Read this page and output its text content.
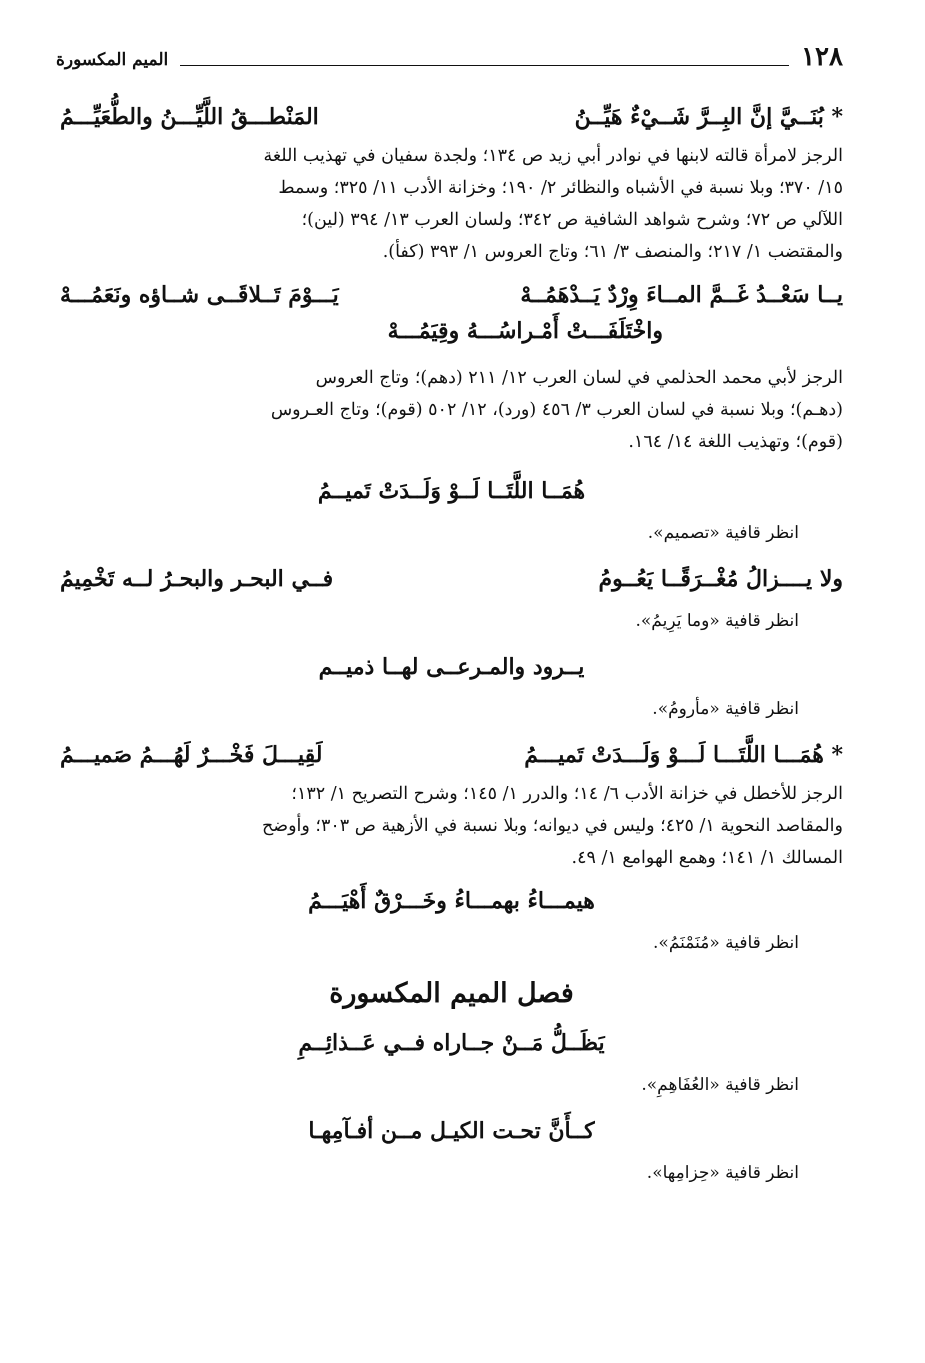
١٢٨
الميم المكسورة
* بُنَــيَّ إنَّ البِــرَّ شَــيْءٌ هَيِّــنُ
المَنْطـــقُ اللَّيِّـــنُ والطُّعَيِّـــمُ
الرجز لامرأة قالته لابنها في نوادر أبي زيد ص ١٣٤؛ ولجدة سفيان في تهذيب اللغة
١٥/ ٣٧٠؛ وبلا نسبة في الأشباه والنظائر ٢/ ١٩٠؛ وخزانة الأدب ١١/ ٣٢٥؛ وسمط
اللآلي ص ٧٢؛ وشرح شواهد الشافية ص ٣٤٢؛ ولسان العرب ١٣/ ٣٩٤ (لين)؛
والمقتضب ١/ ٢١٧؛ والمنصف ٣/ ٦١؛ وتاج العروس ١/ ٣٩٣ (كفأ).
يــا سَعْــدُ غَــمَّ المــاءَ وِرْدٌ يَــدْهَمُــهْ
يَـــوْمَ تَــلاقَــى شــاؤه ونَعَمُـــهْ
واخْتَلَفَـــتْ أَمْـراسُـــهُ وقِيَمُـــهْ
الرجز لأبي محمد الحذلمي في لسان العرب ١٢/ ٢١١ (دهم)؛ وتاج العروس
(دهـم)؛ وبلا نسبة في لسان العرب ٣/ ٤٥٦ (ورد)، ١٢/ ٥٠٢ (قوم)؛ وتاج العـروس
(قوم)؛ وتهذيب اللغة ١٤/ ١٦٤.
هُمَــا اللَّتَــا لَــوْ وَلَــدَتْ تَميــمُ
انظر قافية «تصميم».
ولا يــــزالُ مُغْــرَقًــا يَعُــومُ
فــي البحـر والبحـرُ لــه تَخْمِيمُ
انظر قافية «وما يَرِيمُ».
يــرود والمـرعــى لهــا ذميــم
انظر قافية «مأرومُ».
* هُمَـــا اللَّتَـــا لَـــوْ وَلَـــدَتْ تَميـــمُ
لَقِيـــلَ فَخْـــرٌ لَهُـــمُ صَميـــمُ
الرجز للأخطل في خزانة الأدب ٦/ ١٤؛ والدرر ١/ ١٤٥؛ وشرح التصريح ١/ ١٣٢؛
والمقاصد النحوية ١/ ٤٢٥؛ وليس في ديوانه؛ وبلا نسبة في الأزهية ص ٣٠٣؛ وأوضح
المسالك ١/ ١٤١؛ وهمع الهوامع ١/ ٤٩.
هيمـــاءُ بهمـــاءُ وخَـــرْقٌ أَهْيَـــمُ
انظر قافية «مُنَمْنَمُ».
فصل الميم المكسورة
يَظَــلُّ مَــنْ جــاراه فــي عَــذائِــمِ
انظر قافية «العُفَاهِمِ».
كــأَنَّ تحـت الكيـل مــن أفـآمِهـا
انظر قافية «حِزامِها».
